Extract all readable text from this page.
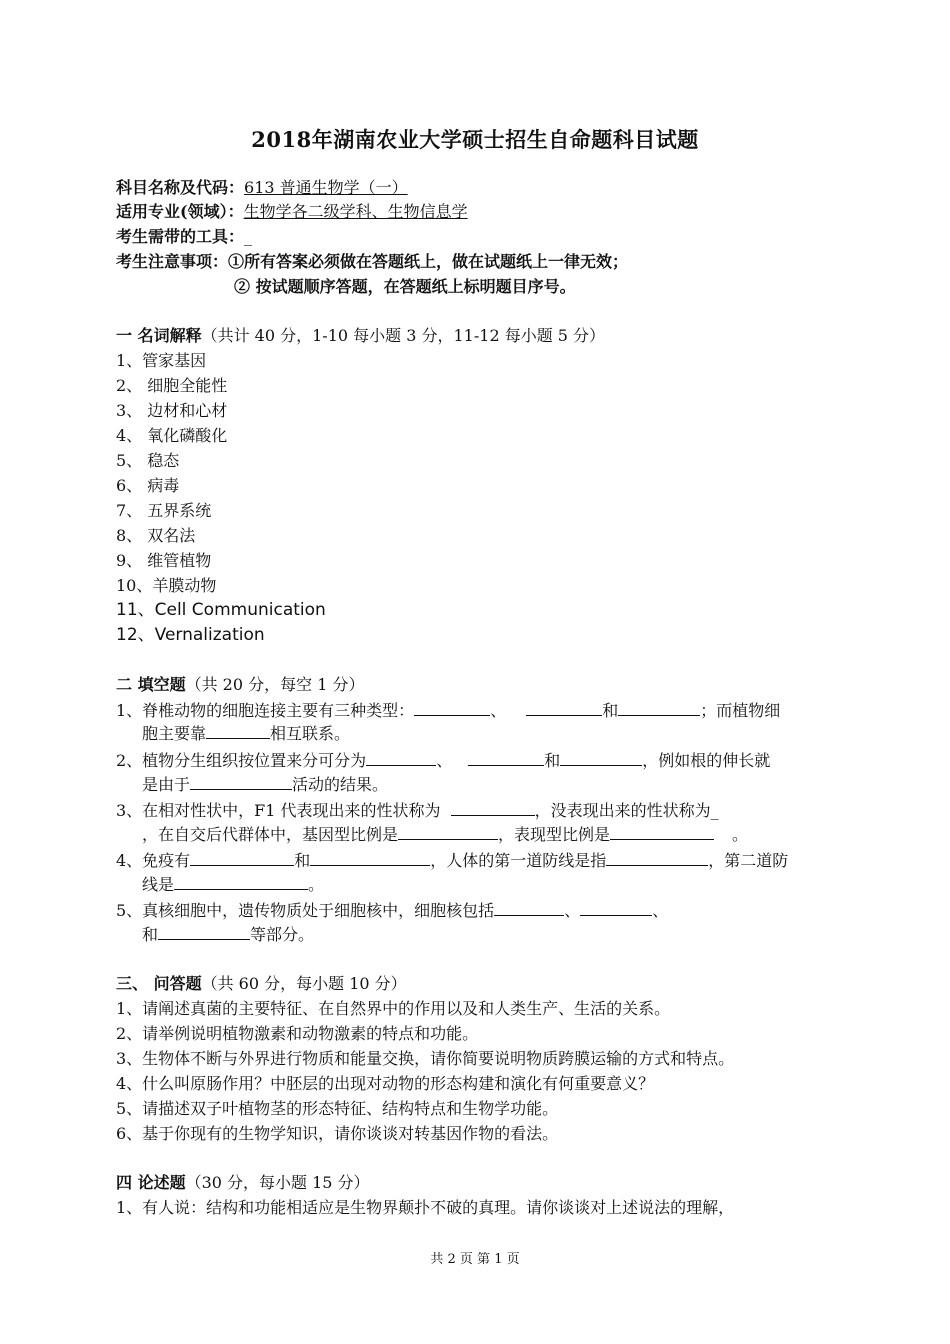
2018年湖南农业大学硕士招生自命题科目试题
科目名称及代码：613 普通生物学（一）
适用专业(领域）：生物学各二级学科、生物信息学
考生需带的工具：_
考生注意事项：①所有答案必须做在答题纸上，做在试题纸上一律无效；
② 按试题顺序答题，在答题纸上标明题目序号。
一 名词解释（共计 40 分，1-10 每小题 3 分，11-12 每小题 5 分）
1、管家基因
2、 细胞全能性
3、 边材和心材
4、 氧化磷酸化
5、 稳态
6、 病毒
7、 五界系统
8、 双名法
9、 维管植物
10、羊膜动物
11、Cell Communication
12、Vernalization
二 填空题（共 20 分，每空 1 分）
1、脊椎动物的细胞连接主要有三种类型：	、	和	；而植物细
胞主要靠	相互联系。
2、植物分生组织按位置来分可分为	、	和	，例如根的伸长就
是由于	活动的结果。
3、在相对性状中，F1 代表现出来的性状称为	，没表现出来的性状称为_
，在自交后代群体中，基因型比例是	，表现型比例是	。
4、免疫有	和	，人体的第一道防线是指	，第二道防
线是	。
5、真核细胞中，遗传物质处于细胞核中，细胞核包括	、	、
和	等部分。
三、 问答题（共 60 分，每小题 10 分）
1、请阐述真菌的主要特征、在自然界中的作用以及和人类生产、生活的关系。
2、请举例说明植物激素和动物激素的特点和功能。
3、生物体不断与外界进行物质和能量交换，请你简要说明物质跨膜运输的方式和特点。
4、什么叫原肠作用？中胚层的出现对动物的形态构建和演化有何重要意义？
5、请描述双子叶植物茎的形态特征、结构特点和生物学功能。
6、基于你现有的生物学知识，请你谈谈对转基因作物的看法。
四 论述题（30 分，每小题 15 分）
1、有人说：结构和功能相适应是生物界颠扑不破的真理。请你谈谈对上述说法的理解，
共 2 页 第 1 页
